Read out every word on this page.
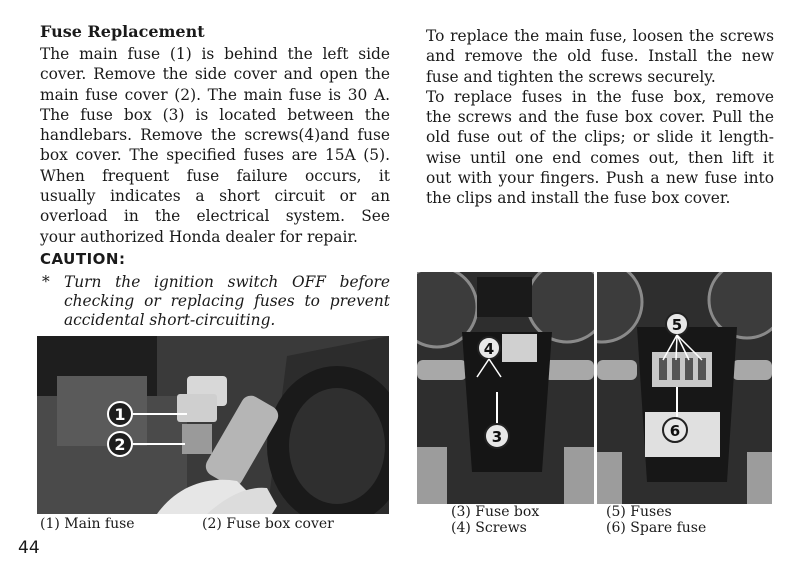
Fuse Replacement
The main fuse (1) is behind the left side
cover. Remove the side cover and open the
main fuse cover (2). The main fuse is 30 A.
The fuse box (3) is located between the
handlebars. Remove the screws(4)and fuse
box cover. The specified fuses are 15A (5).
When frequent fuse failure occurs, it
usually indicates a short circuit or an
overload in the electrical system. See
your authorized Honda dealer for repair.
CAUTION:
* Turn the ignition switch OFF before
checking or replacing fuses to prevent
accidental short-circuiting.
To replace the main fuse, loosen the screws
and remove the old fuse. Install the new
fuse and tighten the screws securely.
To replace fuses in the fuse box, remove
the screws and the fuse box cover. Pull the
old fuse out of the clips; or slide it length-
wise until one end comes out, then lift it
out with your fingers. Push a new fuse into
the clips and install the fuse box cover.
1
2
4
3
5
6
(1) Main fuse	(2) Fuse box cover
(3) Fuse box
(4) Screws
(5) Fuses
(6) Spare fuse
44
